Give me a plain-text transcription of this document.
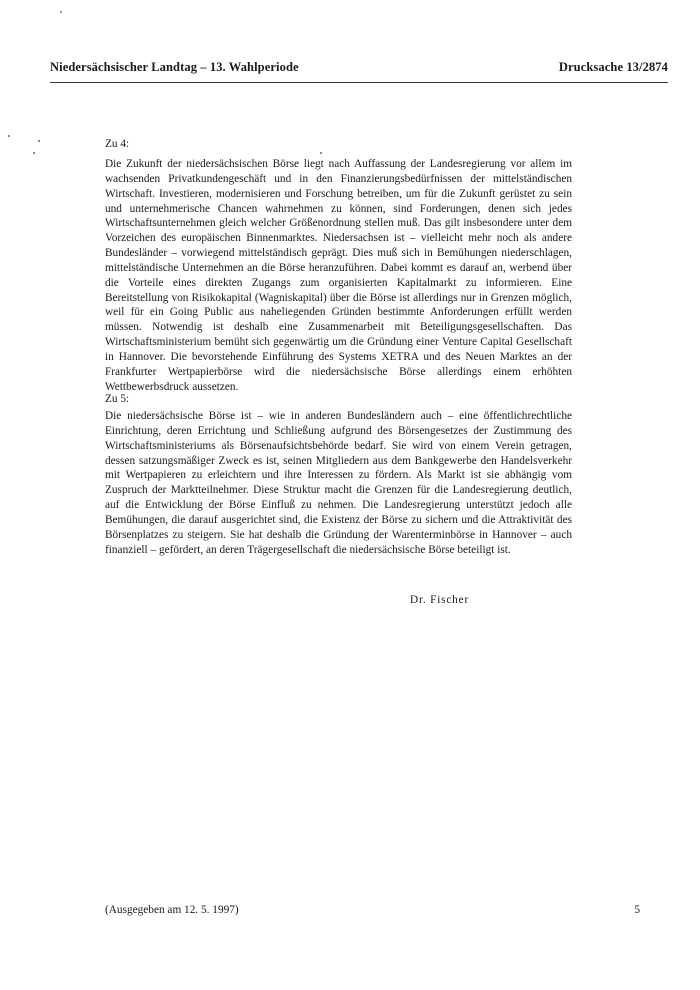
Niedersächsischer Landtag – 13. Wahlperiode	Drucksache 13/2874
Zu 4:
Die Zukunft der niedersächsischen Börse liegt nach Auffassung der Landesregierung vor allem im wachsenden Privatkundengeschäft und in den Finanzierungsbedürfnissen der mittelständischen Wirtschaft. Investieren, modernisieren und Forschung betreiben, um für die Zukunft gerüstet zu sein und unternehmerische Chancen wahrnehmen zu können, sind Forderungen, denen sich jedes Wirtschaftsunternehmen gleich welcher Größenordnung stellen muß. Das gilt insbesondere unter dem Vorzeichen des europäischen Binnenmarktes. Niedersachsen ist – vielleicht mehr noch als andere Bundesländer – vorwiegend mittelständisch geprägt. Dies muß sich in Bemühungen niederschlagen, mittelständische Unternehmen an die Börse heranzuführen. Dabei kommt es darauf an, werbend über die Vorteile eines direkten Zugangs zum organisierten Kapitalmarkt zu informieren. Eine Bereitstellung von Risikokapital (Wagniskapital) über die Börse ist allerdings nur in Grenzen möglich, weil für ein Going Public aus naheliegenden Gründen bestimmte Anforderungen erfüllt werden müssen. Notwendig ist deshalb eine Zusammenarbeit mit Beteiligungsgesellschaften. Das Wirtschaftsministerium bemüht sich gegenwärtig um die Gründung einer Venture Capital Gesellschaft in Hannover. Die bevorstehende Einführung des Systems XETRA und des Neuen Marktes an der Frankfurter Wertpapierbörse wird die niedersächsische Börse allerdings einem erhöhten Wettbewerbsdruck aussetzen.
Zu 5:
Die niedersächsische Börse ist – wie in anderen Bundesländern auch – eine öffentlichrechtliche Einrichtung, deren Errichtung und Schließung aufgrund des Börsengesetzes der Zustimmung des Wirtschaftsministeriums als Börsenaufsichtsbehörde bedarf. Sie wird von einem Verein getragen, dessen satzungsmäßiger Zweck es ist, seinen Mitgliedern aus dem Bankgewerbe den Handelsverkehr mit Wertpapieren zu erleichtern und ihre Interessen zu fördern. Als Markt ist sie abhängig vom Zuspruch der Marktteilnehmer. Diese Struktur macht die Grenzen für die Landesregierung deutlich, auf die Entwicklung der Börse Einfluß zu nehmen. Die Landesregierung unterstützt jedoch alle Bemühungen, die darauf ausgerichtet sind, die Existenz der Börse zu sichern und die Attraktivität des Börsenplatzes zu steigern. Sie hat deshalb die Gründung der Warenterminbörse in Hannover – auch finanziell – gefördert, an deren Trägergesellschaft die niedersächsische Börse beteiligt ist.
Dr. Fischer
(Ausgegeben am 12. 5. 1997)	5
